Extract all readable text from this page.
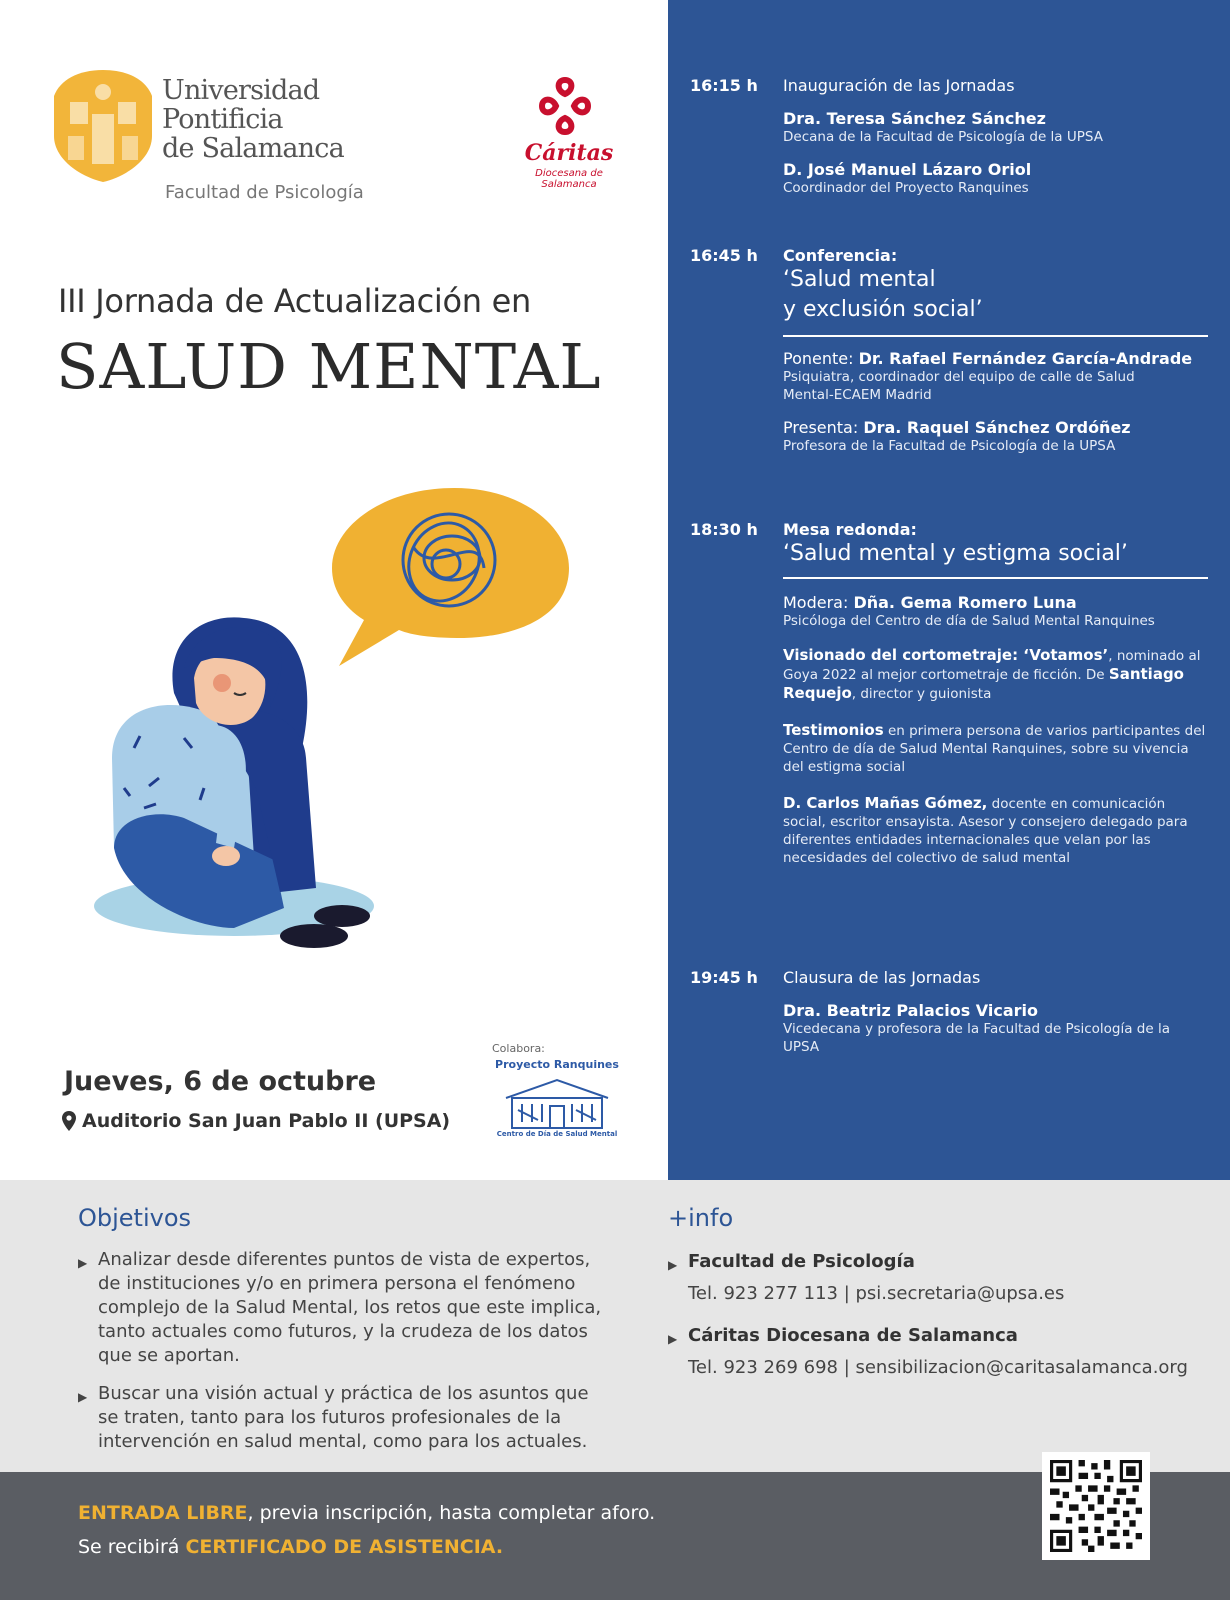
Universidad
Pontificia
de Salamanca
Facultad de Psicología
Cáritas
Diocesana de
Salamanca
III Jornada de Actualización en
SALUD MENTAL
Colabora:
Proyecto Ranquines
Centro de Día de Salud Mental
Jueves, 6 de octubre
Auditorio San Juan Pablo II (UPSA)
16:15 h Inauguración de las Jornadas
Dra. Teresa Sánchez Sánchez
Decana de la Facultad de Psicología de la UPSA
D. José Manuel Lázaro Oriol
Coordinador del Proyecto Ranquines
16:45 h Conferencia:
‘Salud mental
y exclusión social’
Ponente: Dr. Rafael Fernández García-Andrade
Psiquiatra, coordinador del equipo de calle de Salud
Mental-ECAEM Madrid
Presenta: Dra. Raquel Sánchez Ordóñez
Profesora de la Facultad de Psicología de la UPSA
18:30 h Mesa redonda:
‘Salud mental y estigma social’
Modera: Dña. Gema Romero Luna
Psicóloga del Centro de día de Salud Mental Ranquines
Visionado del cortometraje: ‘Votamos’, nominado al Goya 2022 al mejor cortometraje de ficción. De Santiago Requejo, director y guionista
Testimonios en primera persona de varios participantes del Centro de día de Salud Mental Ranquines, sobre su vivencia del estigma social
D. Carlos Mañas Gómez, docente en comunicación social, escritor ensayista. Asesor y consejero delegado para diferentes entidades internacionales que velan por las necesidades del colectivo de salud mental
19:45 h Clausura de las Jornadas
Dra. Beatriz Palacios Vicario
Vicedecana y profesora de la Facultad de Psicología de la UPSA
Objetivos
▶ Analizar desde diferentes puntos de vista de expertos, de instituciones y/o en primera persona el fenómeno complejo de la Salud Mental, los retos que este implica, tanto actuales como futuros, y la crudeza de los datos que se aportan.
▶ Buscar una visión actual y práctica de los asuntos que se traten, tanto para los futuros profesionales de la intervención en salud mental, como para los actuales.
+info
▶ Facultad de Psicología
Tel. 923 277 113 | psi.secretaria@upsa.es
▶ Cáritas Diocesana de Salamanca
Tel. 923 269 698 | sensibilizacion@caritasalamanca.org
ENTRADA LIBRE, previa inscripción, hasta completar aforo.
Se recibirá CERTIFICADO DE ASISTENCIA.
